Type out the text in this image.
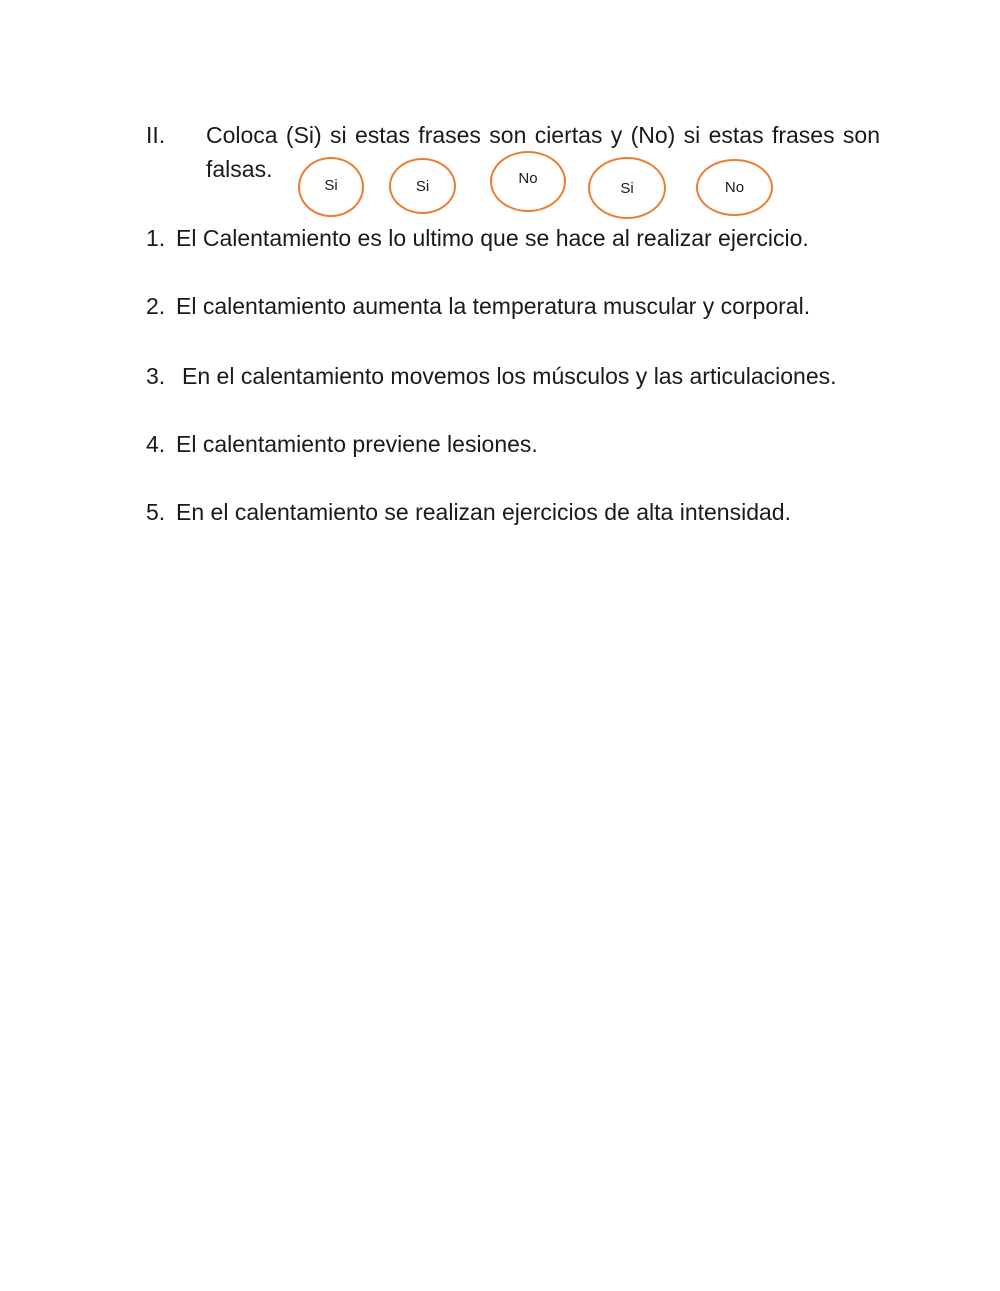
II. Coloca (Si) si estas frases son ciertas y (No) si estas frases son falsas.
Si	Si	No
Si	No
1. El Calentamiento es lo ultimo que se hace al realizar ejercicio.
2. El calentamiento aumenta la temperatura muscular y corporal.
3.En el calentamiento movemos los músculos y las articulaciones.
4. El calentamiento previene lesiones.
5. En el calentamiento se realizan ejercicios de alta intensidad.
